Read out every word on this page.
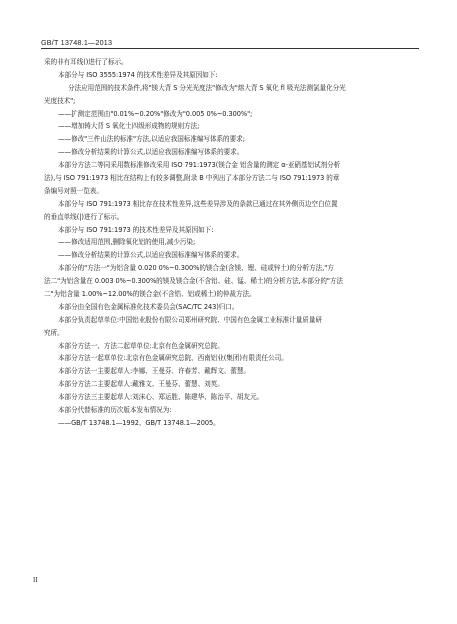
GB/T 13748.1—2013
采的非有耳线()进行了标示。
本部分与 ISO 3555:1974 的技术性差异及其原因如下:
分法应用范围的技术条件,将"镁大背 S 分光光度法"修改为"熔大背 S 氧化 fl 吸光法测氯量化分光
光度技术";
——扩测定范围由"0.01%~0.20%"修改为"0.005 0%~0.300%";
——增加铸大背 S 氧化土四级形成物的规则方法;
——修改"三件山法的标准"方法,以适应我国标准编写体系的要求;
——修改分析结果的计算公式,以适应我国标准编写体系的要求。
本部分方法二等同采用数标准修改采用 ISO 791:1973(镁合金 铝含量的测定 α-亚硝基铝试剂分析
法),与 ISO 791:1973 相比在结构上有较多调整,附录 B 中列出了本部分方法二与 ISO 791:1973 的章
条编号对照一览表。
本部分与 ISO 791:1973 相比存在技术性差异,这些差异涉及的条款已通过在其外侧页边空白位置
的垂直单线(|)进行了标示。
本部分与 ISO 791:1973 的技术性差异及其原因如下:
——修改适用范围,删除氧化铝的使用,减少污染;
——修改分析结果的计算公式,以适应我国标准编写体系的要求。
本部分的"方法一"为铝含量 0.020 0%~0.300%的镁合金(含镁、锂、硅或锌土)的分析方法,"方
法二"为铝含量在 0.003 0%~0.300%的镁及镁合金(不含铝、硅、锰、稀土)的分析方法,本部分的"方法
二"为铝含量 1.00%~12.00%的镁合金(不含锆、铝或稀土)的仲裁方法。
本部分由全国有色金属标准化技术委员会(SAC/TC 243)归口。
本部分负责起草单位:中国铝业股份有限公司郑州研究院、中国有色金属工业标准计量质量研
究所。
本部分方法一、方法二起草单位:北京有色金属研究总院。
本部分方法一起草单位:北京有色金属研究总院、西南铝业(集团)有限责任公司。
本部分方法一主要起草人:李娜、王曼芬、许春芳、戴辉文、蕾慧。
本部分方法二主要起草人:戴雅文、王曼芬、蕾慧、刘英。
本部分方法三主要起草人:刘沫心、郑运胜、陈建华、陈治平、胡友元。
本部分代替标准的历次版本发布情况为:
——GB/T 13748.1—1992、GB/T 13748.1—2005。
II
